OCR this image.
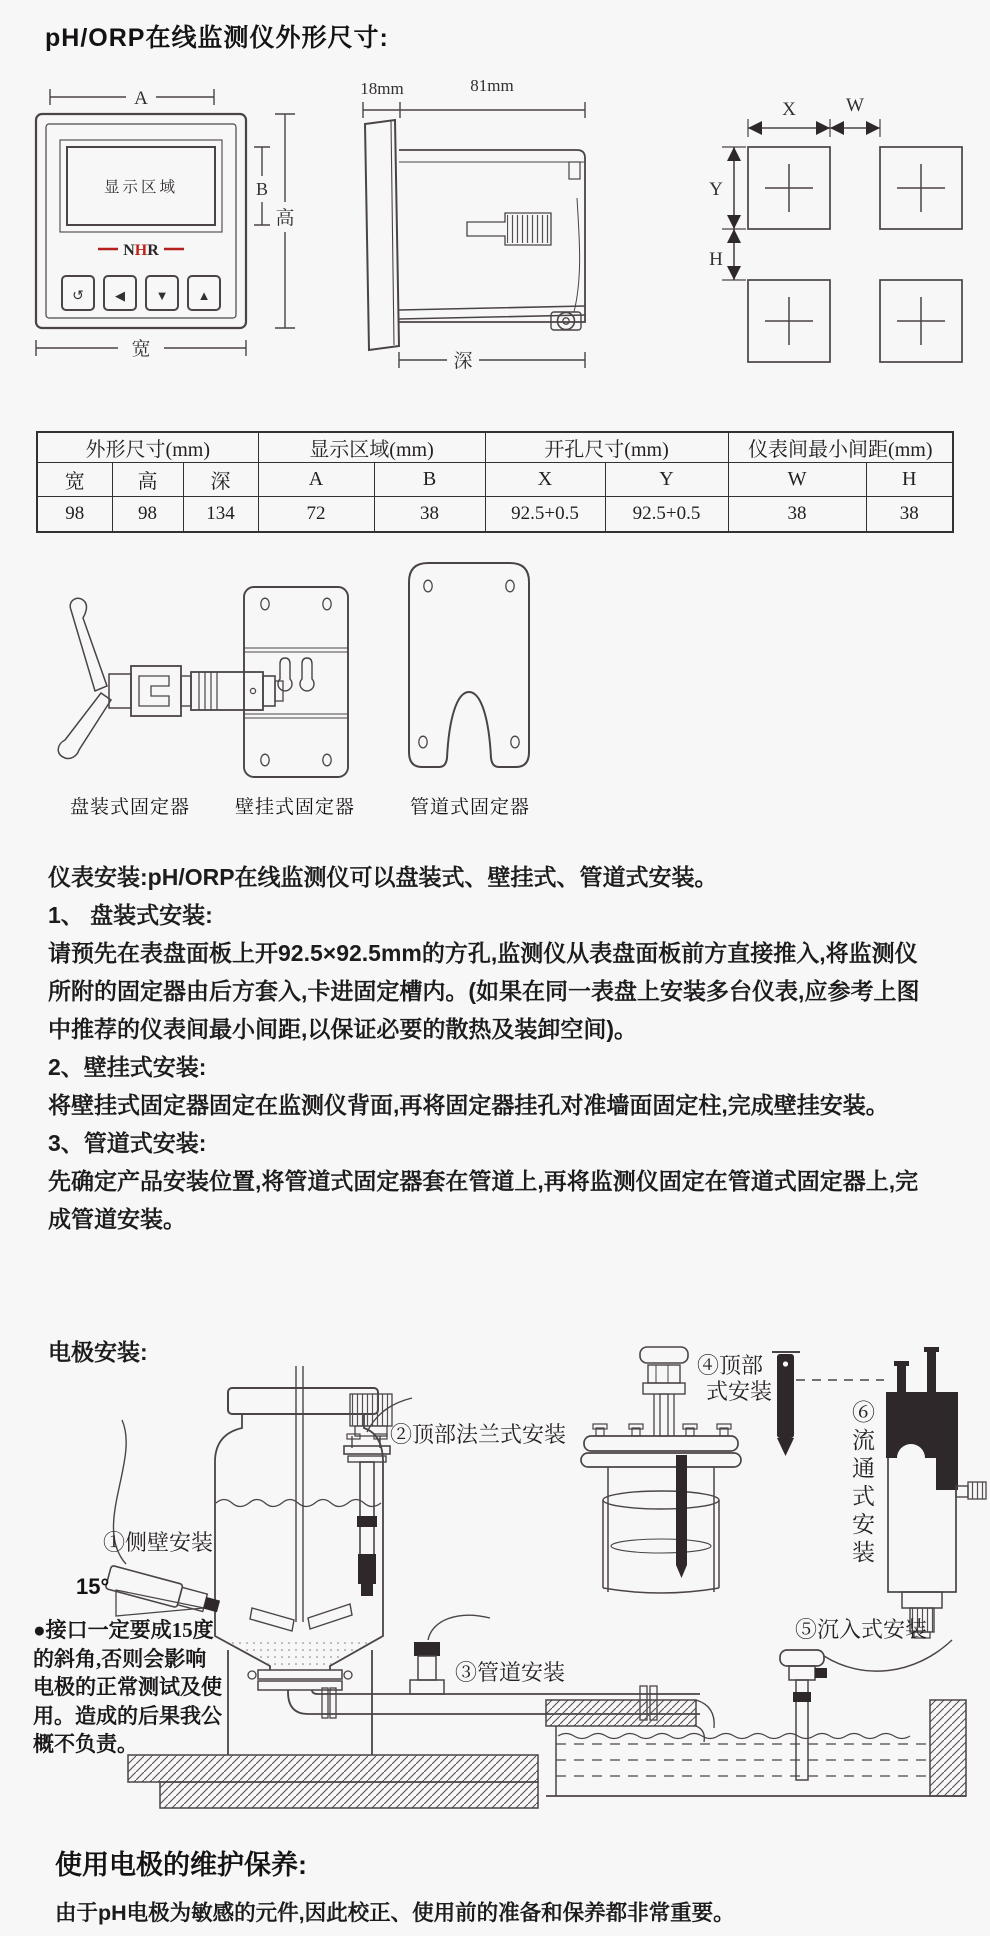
pH/ORP在线监测仪外形尺寸:
A
显示区域
NHR
↺ ◀ ▼ ▲
B
高
宽
18mm	81mm
深
X	W
Y
H
外形尺寸(mm)			显示区域(mm)		开孔尺寸(mm)		仪表间最小间距(mm)	
宽	高	深	A	B	X	Y	W	H
98	98	134	72	38	92.5+0.5	92.5+0.5	38	38
盘装式固定器	壁挂式固定器	管道式固定器

仪表安装:pH/ORP在线监测仪可以盘装式、壁挂式、管道式安装。

1、 盘装式安装:

请预先在表盘面板上开92.5×92.5mm的方孔,监测仪从表盘面板前方直接推入,将监测仪所附的固定器由后方套入,卡进固定槽内。(如果在同一表盘上安装多台仪表,应参考上图中推荐的仪表间最小间距,以保证必要的散热及装卸空间)。

2、壁挂式安装:

将壁挂式固定器固定在监测仪背面,再将固定器挂孔对准墙面固定柱,完成壁挂安装。

3、管道式安装:

先确定产品安装位置,将管道式固定器套在管道上,再将监测仪固定在管道式固定器上,完成管道安装。

电极安装:
①侧壁安装
15°
②顶部法兰式安装
③管道安装
④顶部
式安装
⑤沉入式安装
⑥流通式安装
●接口一定要成15度
的斜角,否则会影响
电极的正常测试及使
用。造成的后果我公
概不负责。
使用电极的维护保养:
由于pH电极为敏感的元件,因此校正、使用前的准备和保养都非常重要。
